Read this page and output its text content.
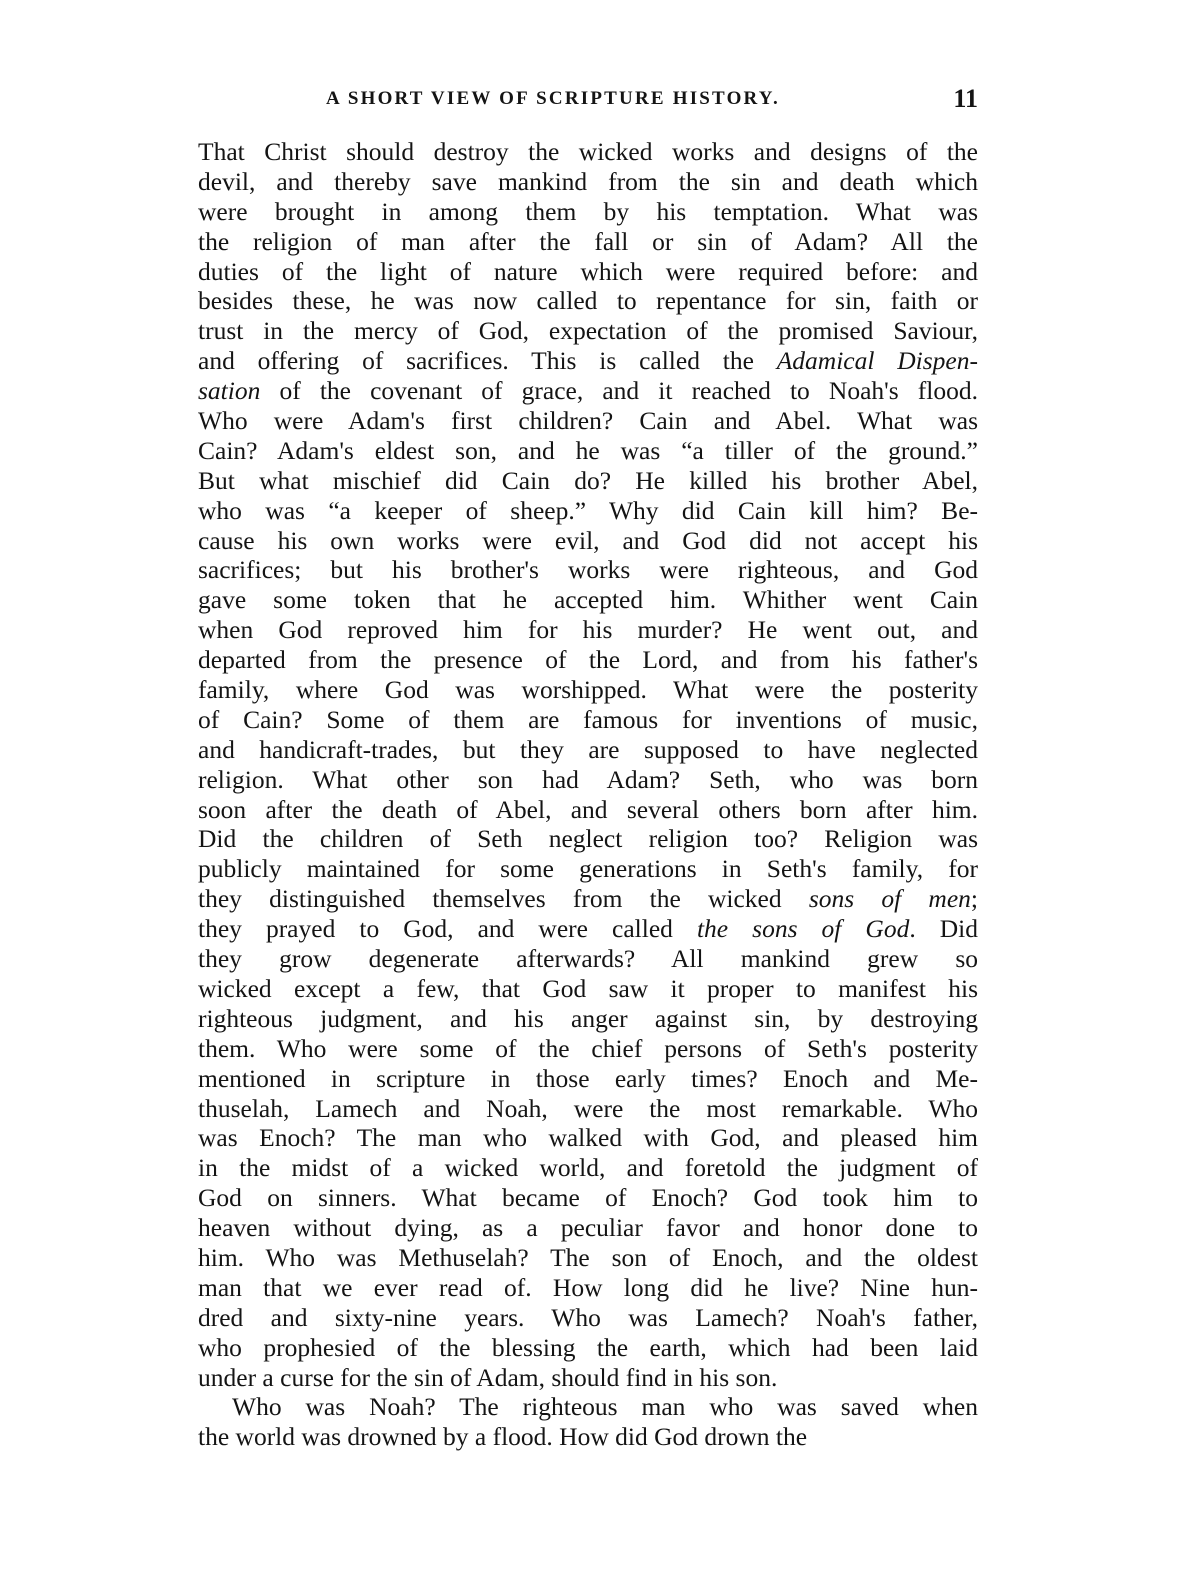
A SHORT VIEW OF SCRIPTURE HISTORY.	11
That Christ should destroy the wicked works and designs of the
devil, and thereby save mankind from the sin and death which
were brought in among them by his temptation. What was
the religion of man after the fall or sin of Adam? All the
duties of the light of nature which were required before: and
besides these, he was now called to repentance for sin, faith or
trust in the mercy of God, expectation of the promised Saviour,
and offering of sacrifices. This is called the Adamical Dispen-
sation of the covenant of grace, and it reached to Noah's flood.
Who were Adam's first children? Cain and Abel. What was
Cain? Adam's eldest son, and he was “a tiller of the ground.”
But what mischief did Cain do? He killed his brother Abel,
who was “a keeper of sheep.” Why did Cain kill him? Be-
cause his own works were evil, and God did not accept his
sacrifices; but his brother's works were righteous, and God
gave some token that he accepted him. Whither went Cain
when God reproved him for his murder? He went out, and
departed from the presence of the Lord, and from his father's
family, where God was worshipped. What were the posterity
of Cain? Some of them are famous for inventions of music,
and handicraft-trades, but they are supposed to have neglected
religion. What other son had Adam? Seth, who was born
soon after the death of Abel, and several others born after him.
Did the children of Seth neglect religion too? Religion was
publicly maintained for some generations in Seth's family, for
they distinguished themselves from the wicked sons of men;
they prayed to God, and were called the sons of God. Did
they grow degenerate afterwards? All mankind grew so
wicked except a few, that God saw it proper to manifest his
righteous judgment, and his anger against sin, by destroying
them. Who were some of the chief persons of Seth's posterity
mentioned in scripture in those early times? Enoch and Me-
thuselah, Lamech and Noah, were the most remarkable. Who
was Enoch? The man who walked with God, and pleased him
in the midst of a wicked world, and foretold the judgment of
God on sinners. What became of Enoch? God took him to
heaven without dying, as a peculiar favor and honor done to
him. Who was Methuselah? The son of Enoch, and the oldest
man that we ever read of. How long did he live? Nine hun-
dred and sixty-nine years. Who was Lamech? Noah's father,
who prophesied of the blessing the earth, which had been laid
under a curse for the sin of Adam, should find in his son.
Who was Noah? The righteous man who was saved when
the world was drowned by a flood. How did God drown the
